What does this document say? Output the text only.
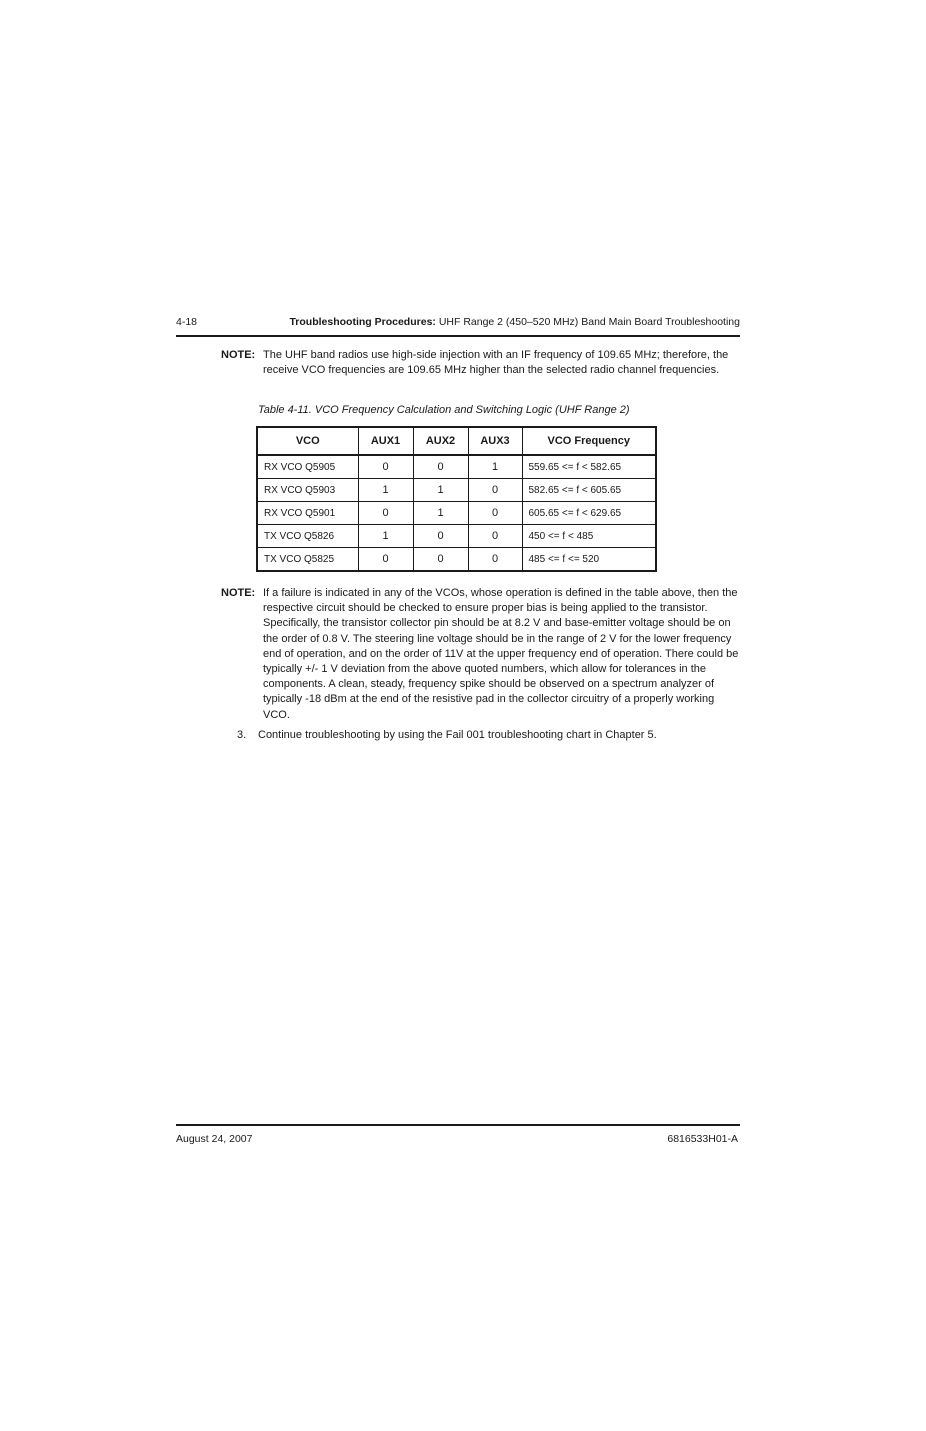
4-18	Troubleshooting Procedures: UHF Range 2 (450–520 MHz) Band Main Board Troubleshooting
NOTE: The UHF band radios use high-side injection with an IF frequency of 109.65 MHz; therefore, the receive VCO frequencies are 109.65 MHz higher than the selected radio channel frequencies.
Table 4-11. VCO Frequency Calculation and Switching Logic (UHF Range 2)
VCO	AUX1	AUX2	AUX3	VCO Frequency
RX VCO Q5905	0	0	1	559.65 <= f < 582.65
RX VCO Q5903	1	1	0	582.65 <= f < 605.65
RX VCO Q5901	0	1	0	605.65 <= f < 629.65
TX VCO Q5826	1	0	0	450 <= f < 485
TX VCO Q5825	0	0	0	485 <= f <= 520
NOTE: If a failure is indicated in any of the VCOs, whose operation is defined in the table above, then the respective circuit should be checked to ensure proper bias is being applied to the transistor. Specifically, the transistor collector pin should be at 8.2 V and base-emitter voltage should be on the order of 0.8 V. The steering line voltage should be in the range of 2 V for the lower frequency end of operation, and on the order of 11V at the upper frequency end of operation. There could be typically +/- 1 V deviation from the above quoted numbers, which allow for tolerances in the components. A clean, steady, frequency spike should be observed on a spectrum analyzer of typically -18 dBm at the end of the resistive pad in the collector circuitry of a properly working VCO.
3. Continue troubleshooting by using the Fail 001 troubleshooting chart in Chapter 5.
August 24, 2007	6816533H01-A
